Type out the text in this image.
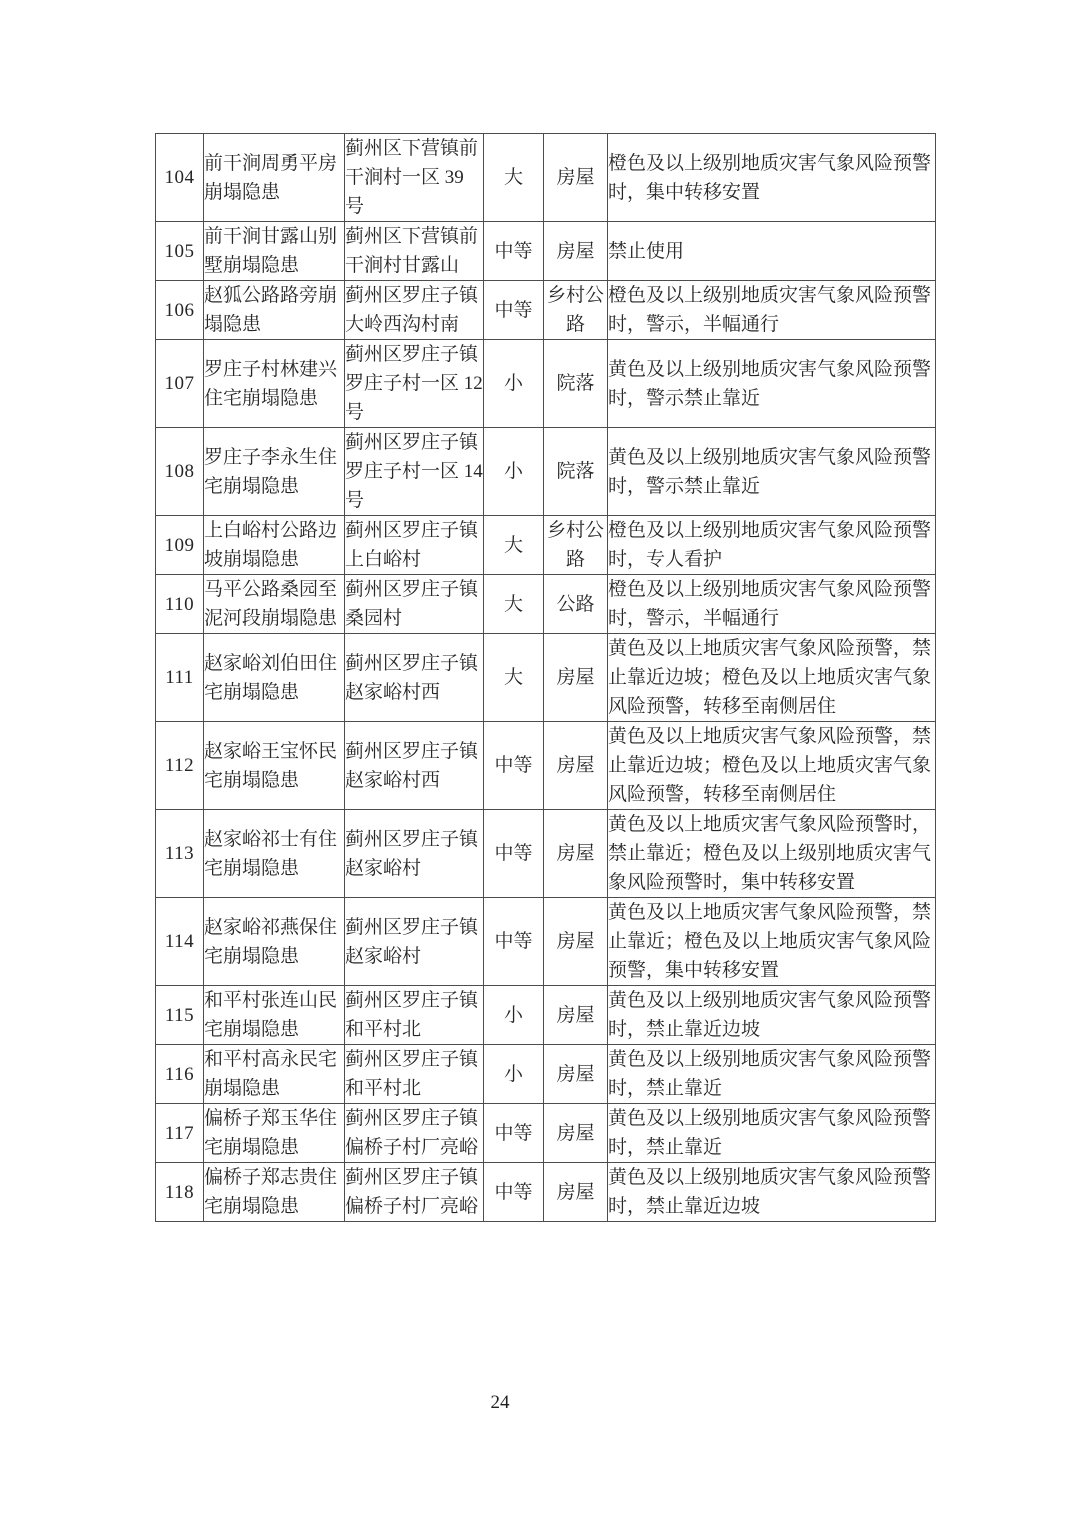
104	前干涧周勇平房崩塌隐患	蓟州区下营镇前干涧村一区 39 号	大	房屋	橙色及以上级别地质灾害气象风险预警时，集中转移安置
105	前干涧甘露山别墅崩塌隐患	蓟州区下营镇前干涧村甘露山	中等	房屋	禁止使用
106	赵狐公路路旁崩塌隐患	蓟州区罗庄子镇大岭西沟村南	中等	乡村公路	橙色及以上级别地质灾害气象风险预警时，警示，半幅通行
107	罗庄子村林建兴住宅崩塌隐患	蓟州区罗庄子镇罗庄子村一区 12 号	小	院落	黄色及以上级别地质灾害气象风险预警时，警示禁止靠近
108	罗庄子李永生住宅崩塌隐患	蓟州区罗庄子镇罗庄子村一区 14 号	小	院落	黄色及以上级别地质灾害气象风险预警时，警示禁止靠近
109	上白峪村公路边坡崩塌隐患	蓟州区罗庄子镇上白峪村	大	乡村公路	橙色及以上级别地质灾害气象风险预警时，专人看护
110	马平公路桑园至泥河段崩塌隐患	蓟州区罗庄子镇桑园村	大	公路	橙色及以上级别地质灾害气象风险预警时，警示，半幅通行
111	赵家峪刘伯田住宅崩塌隐患	蓟州区罗庄子镇赵家峪村西	大	房屋	黄色及以上地质灾害气象风险预警，禁止靠近边坡；橙色及以上地质灾害气象风险预警，转移至南侧居住
112	赵家峪王宝怀民宅崩塌隐患	蓟州区罗庄子镇赵家峪村西	中等	房屋	黄色及以上地质灾害气象风险预警，禁止靠近边坡；橙色及以上地质灾害气象风险预警，转移至南侧居住
113	赵家峪祁士有住宅崩塌隐患	蓟州区罗庄子镇赵家峪村	中等	房屋	黄色及以上地质灾害气象风险预警时，禁止靠近；橙色及以上级别地质灾害气象风险预警时，集中转移安置
114	赵家峪祁燕保住宅崩塌隐患	蓟州区罗庄子镇赵家峪村	中等	房屋	黄色及以上地质灾害气象风险预警，禁止靠近；橙色及以上地质灾害气象风险预警，集中转移安置
115	和平村张连山民宅崩塌隐患	蓟州区罗庄子镇和平村北	小	房屋	黄色及以上级别地质灾害气象风险预警时，禁止靠近边坡
116	和平村高永民宅崩塌隐患	蓟州区罗庄子镇和平村北	小	房屋	黄色及以上级别地质灾害气象风险预警时，禁止靠近
117	偏桥子郑玉华住宅崩塌隐患	蓟州区罗庄子镇偏桥子村厂亮峪	中等	房屋	黄色及以上级别地质灾害气象风险预警时，禁止靠近
118	偏桥子郑志贵住宅崩塌隐患	蓟州区罗庄子镇偏桥子村厂亮峪	中等	房屋	黄色及以上级别地质灾害气象风险预警时，禁止靠近边坡
24
